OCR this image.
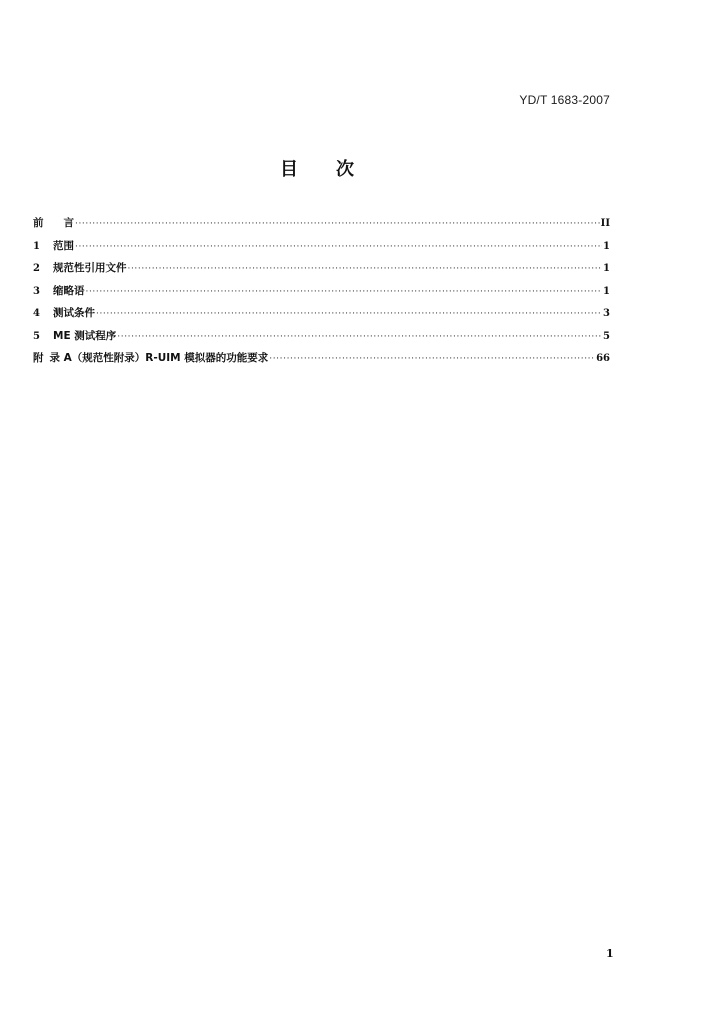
YD/T 1683-2007
目 次
前 言 ·····	II
1	范围 ·····	1
2	规范性引用文件 ·····	1
3	缩略语 ·····	1
4	测试条件 ·····	3
5	ME 测试程序 ·····	5
附 录 A（规范性附录）R-UIM 模拟器的功能要求 ·····	66
1
